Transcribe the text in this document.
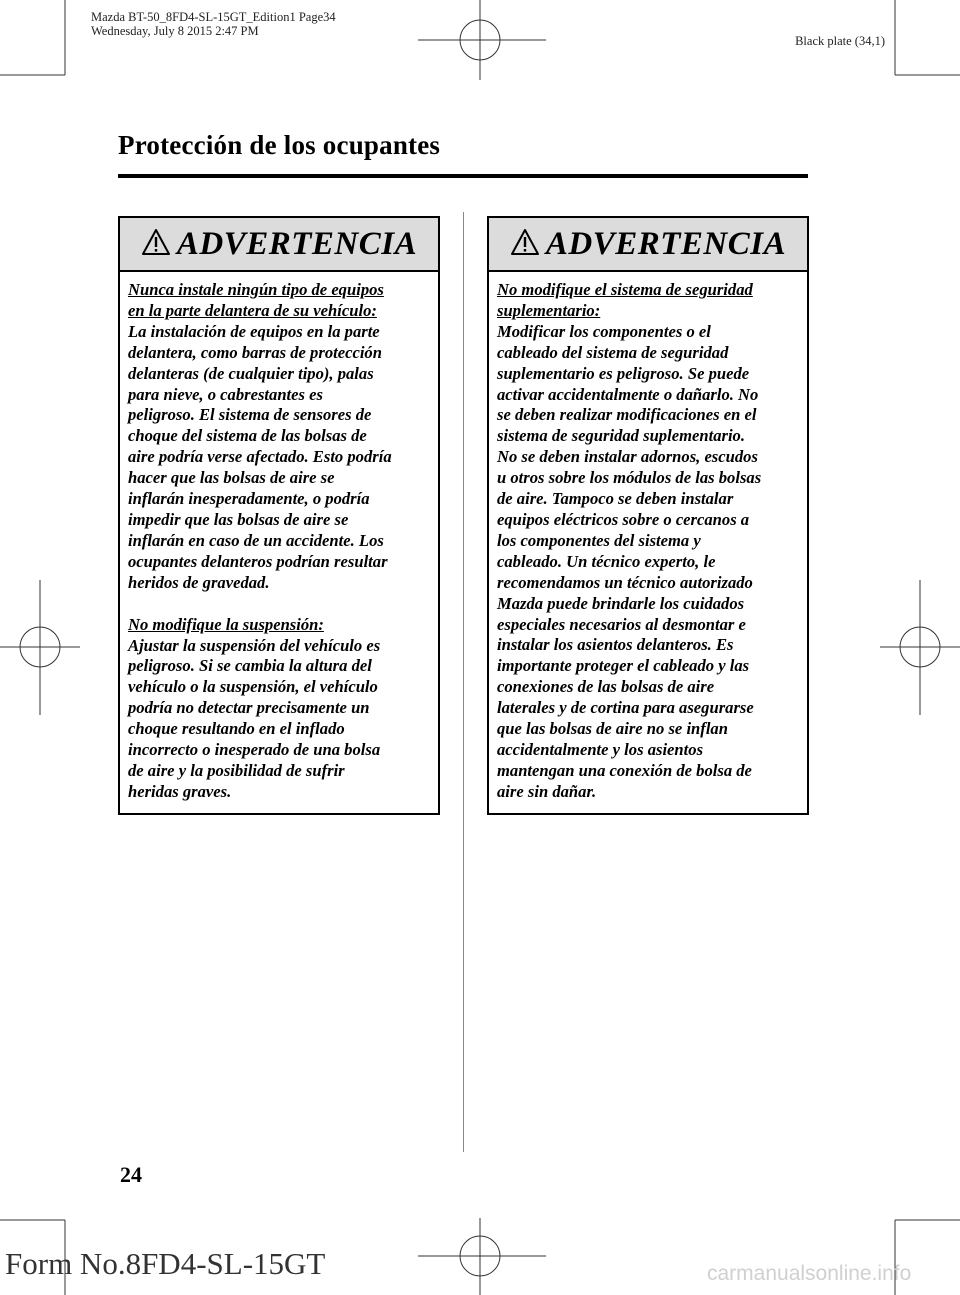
Mazda BT-50_8FD4-SL-15GT_Edition1 Page34
Wednesday, July 8 2015 2:47 PM
Black plate (34,1)
Protección de los ocupantes
ADVERTENCIA

Nunca instale ningún tipo de equipos

en la parte delantera de su vehículo:

La instalación de equipos en la parte

delantera, como barras de protección

delanteras (de cualquier tipo), palas

para nieve, o cabrestantes es

peligroso. El sistema de sensores de

choque del sistema de las bolsas de

aire podría verse afectado. Esto podría

hacer que las bolsas de aire se

inflarán inesperadamente, o podría

impedir que las bolsas de aire se

inflarán en caso de un accidente. Los

ocupantes delanteros podrían resultar

heridos de gravedad.

No modifique la suspensión:

Ajustar la suspensión del vehículo es

peligroso. Si se cambia la altura del

vehículo o la suspensión, el vehículo

podría no detectar precisamente un

choque resultando en el inflado

incorrecto o inesperado de una bolsa

de aire y la posibilidad de sufrir

heridas graves.

ADVERTENCIA

No modifique el sistema de seguridad

suplementario:

Modificar los componentes o el

cableado del sistema de seguridad

suplementario es peligroso. Se puede

activar accidentalmente o dañarlo. No

se deben realizar modificaciones en el

sistema de seguridad suplementario.

No se deben instalar adornos, escudos

u otros sobre los módulos de las bolsas

de aire. Tampoco se deben instalar

equipos eléctricos sobre o cercanos a

los componentes del sistema y

cableado. Un técnico experto, le

recomendamos un técnico autorizado

Mazda puede brindarle los cuidados

especiales necesarios al desmontar e

instalar los asientos delanteros. Es

importante proteger el cableado y las

conexiones de las bolsas de aire

laterales y de cortina para asegurarse

que las bolsas de aire no se inflan

accidentalmente y los asientos

mantengan una conexión de bolsa de

aire sin dañar.

24
Form No.8FD4-SL-15GT	carmanualsonline.info
